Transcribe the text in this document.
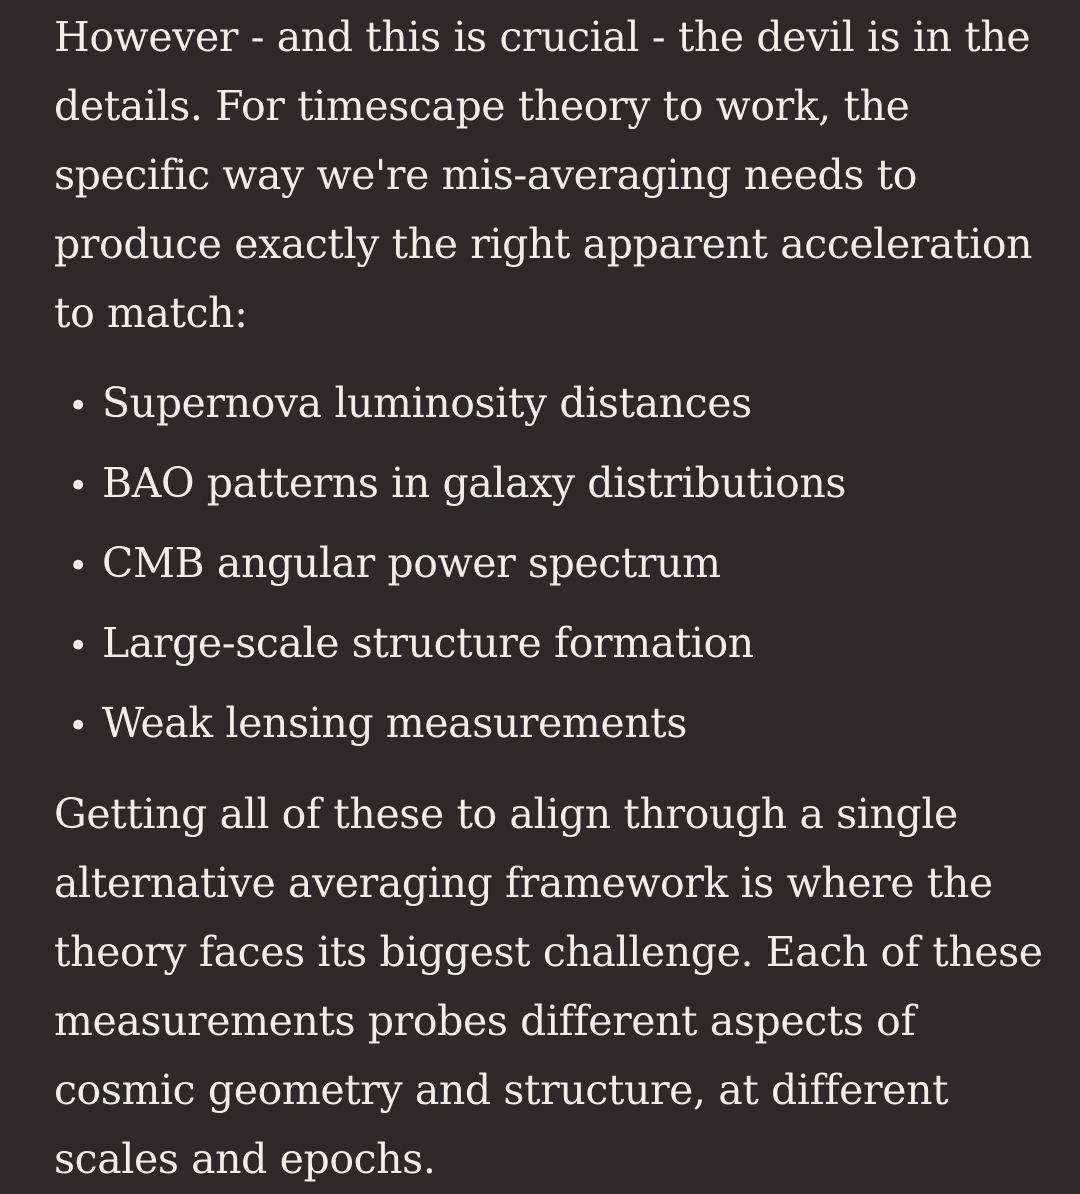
However - and this is crucial - the devil is in the details. For timescape theory to work, the specific way we're mis-averaging needs to produce exactly the right apparent acceleration to match:

• Supernova luminosity distances
• BAO patterns in galaxy distributions
• CMB angular power spectrum
• Large-scale structure formation
• Weak lensing measurements

Getting all of these to align through a single alternative averaging framework is where the theory faces its biggest challenge. Each of these measurements probes different aspects of cosmic geometry and structure, at different scales and epochs.
